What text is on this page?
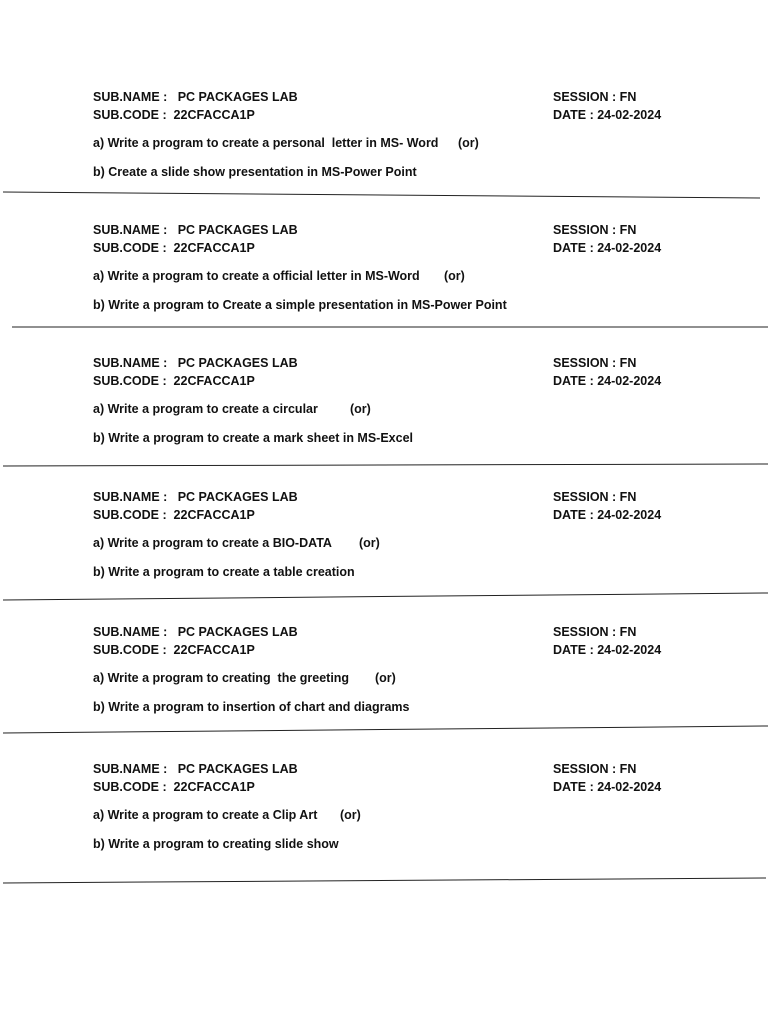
SUB.NAME :   PC PACKAGES LAB
SUB.CODE :  22CFACCA1P
SESSION : FN
DATE : 24-02-2024
a) Write a program to create a personal  letter in MS- Word (or)
b) Create a slide show presentation in MS-Power Point
SUB.NAME :   PC PACKAGES LAB
SUB.CODE :  22CFACCA1P
SESSION : FN
DATE : 24-02-2024
a) Write a program to create a official letter in MS-Word (or)
b) Write a program to Create a simple presentation in MS-Power Point
SUB.NAME :   PC PACKAGES LAB
SUB.CODE :  22CFACCA1P
SESSION : FN
DATE : 24-02-2024
a) Write a program to create a circular	(or)
b) Write a program to create a mark sheet in MS-Excel
SUB.NAME :   PC PACKAGES LAB
SUB.CODE :  22CFACCA1P
SESSION : FN
DATE : 24-02-2024
a) Write a program to create a BIO-DATA (or)
b) Write a program to create a table creation
SUB.NAME :   PC PACKAGES LAB
SUB.CODE :  22CFACCA1P
SESSION : FN
DATE : 24-02-2024
a) Write a program to creating  the greeting (or)
b) Write a program to insertion of chart and diagrams
SUB.NAME :   PC PACKAGES LAB
SUB.CODE :  22CFACCA1P
SESSION : FN
DATE : 24-02-2024
a) Write a program to create a Clip Art (or)
b) Write a program to creating slide show
